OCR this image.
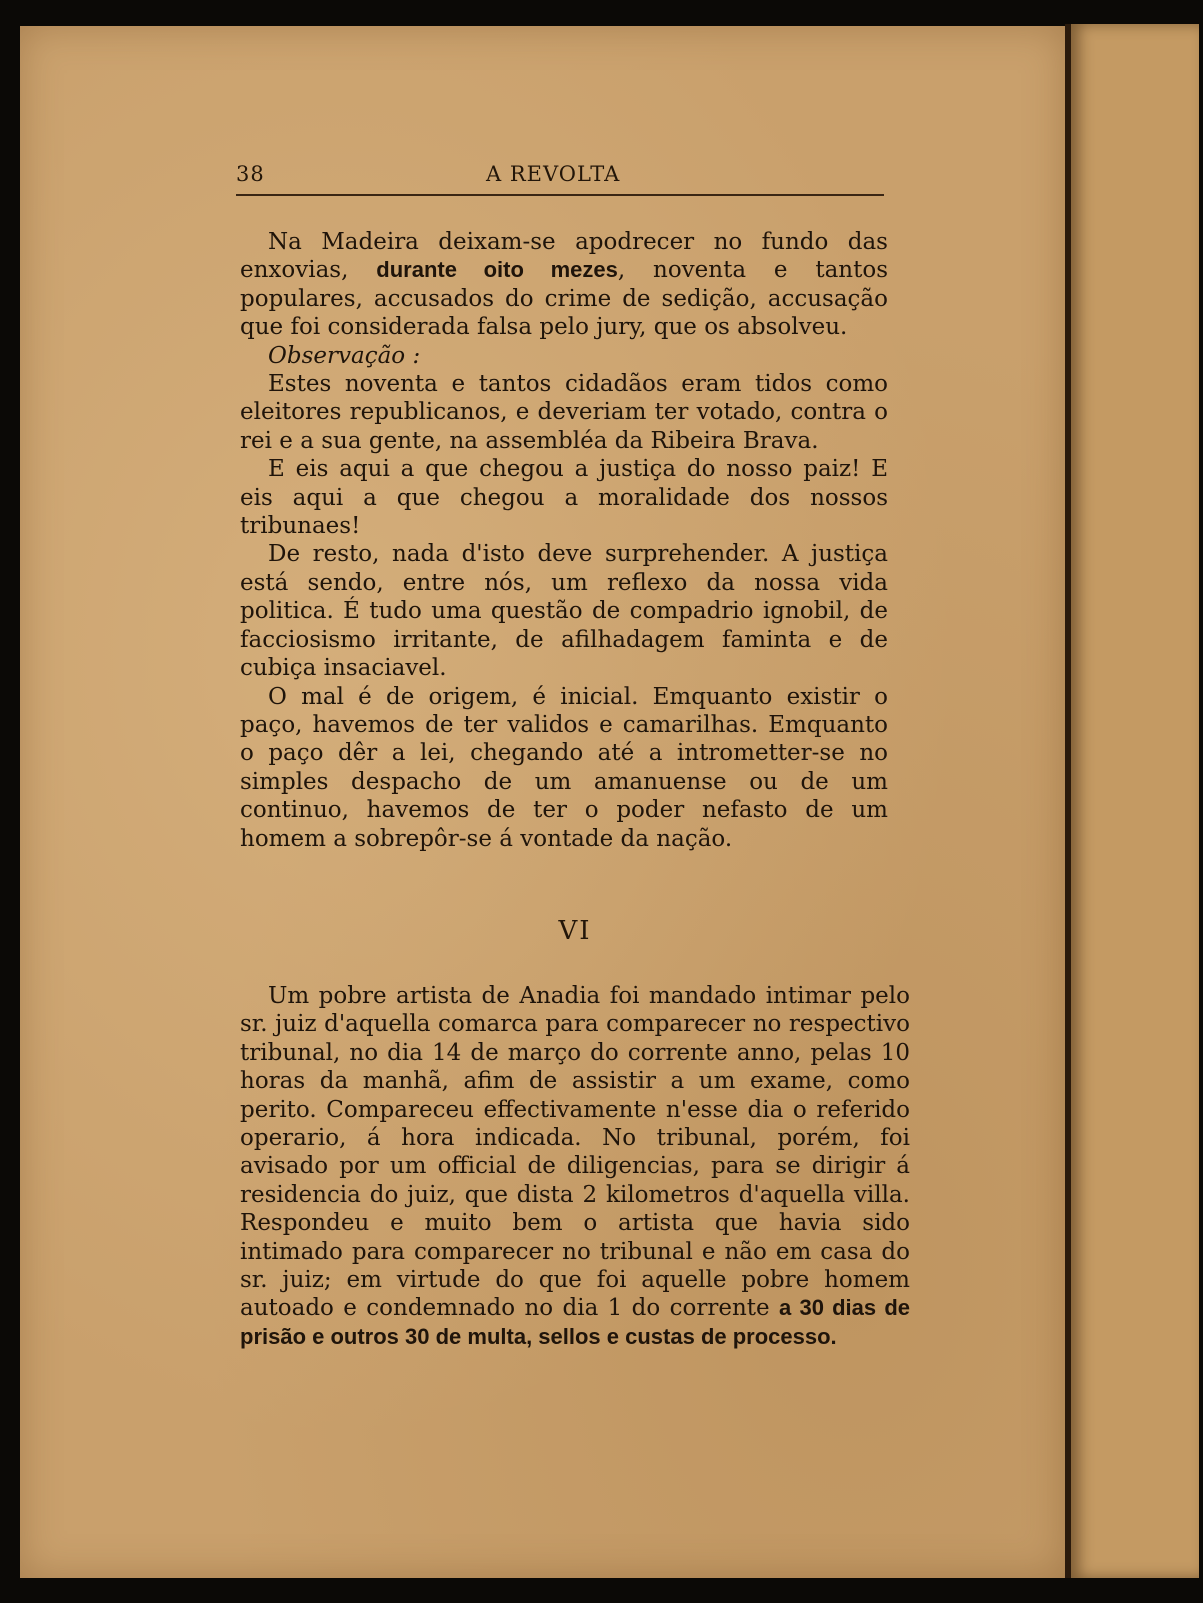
38	A REVOLTA

Na Madeira deixam-se apodrecer no fundo das enxovias, durante oito mezes, noventa e tantos populares, accusados do crime de sedição, accusação que foi considerada falsa pelo jury, que os absolveu.

Observação :

Estes noventa e tantos cidadãos eram tidos como eleitores republicanos, e deveriam ter votado, contra o rei e a sua gente, na assembléa da Ribeira Brava.

E eis aqui a que chegou a justiça do nosso paiz! E eis aqui a que chegou a moralidade dos nossos tribunaes!

De resto, nada d'isto deve surprehender. A justiça está sendo, entre nós, um reflexo da nossa vida politica. É tudo uma questão de compadrio ignobil, de facciosismo irritante, de afilhadagem faminta e de cubiça insaciavel.

O mal é de origem, é inicial. Emquanto existir o paço, havemos de ter validos e camarilhas. Emquanto o paço dêr a lei, chegando até a intrometter-se no simples despacho de um amanuense ou de um continuo, havemos de ter o poder nefasto de um homem a sobrepôr-se á vontade da nação.

VI

Um pobre artista de Anadia foi mandado intimar pelo sr. juiz d'aquella comarca para comparecer no respectivo tribunal, no dia 14 de março do corrente anno, pelas 10 horas da manhã, afim de assistir a um exame, como perito. Compareceu effectivamente n'esse dia o referido operario, á hora indicada. No tribunal, porém, foi avisado por um official de diligencias, para se dirigir á residencia do juiz, que dista 2 kilometros d'aquella villa. Respondeu e muito bem o artista que havia sido intimado para comparecer no tribunal e não em casa do sr. juiz; em virtude do que foi aquelle pobre homem autoado e condemnado no dia 1 do corrente a 30 dias de prisão e outros 30 de multa, sellos e custas de processo.
